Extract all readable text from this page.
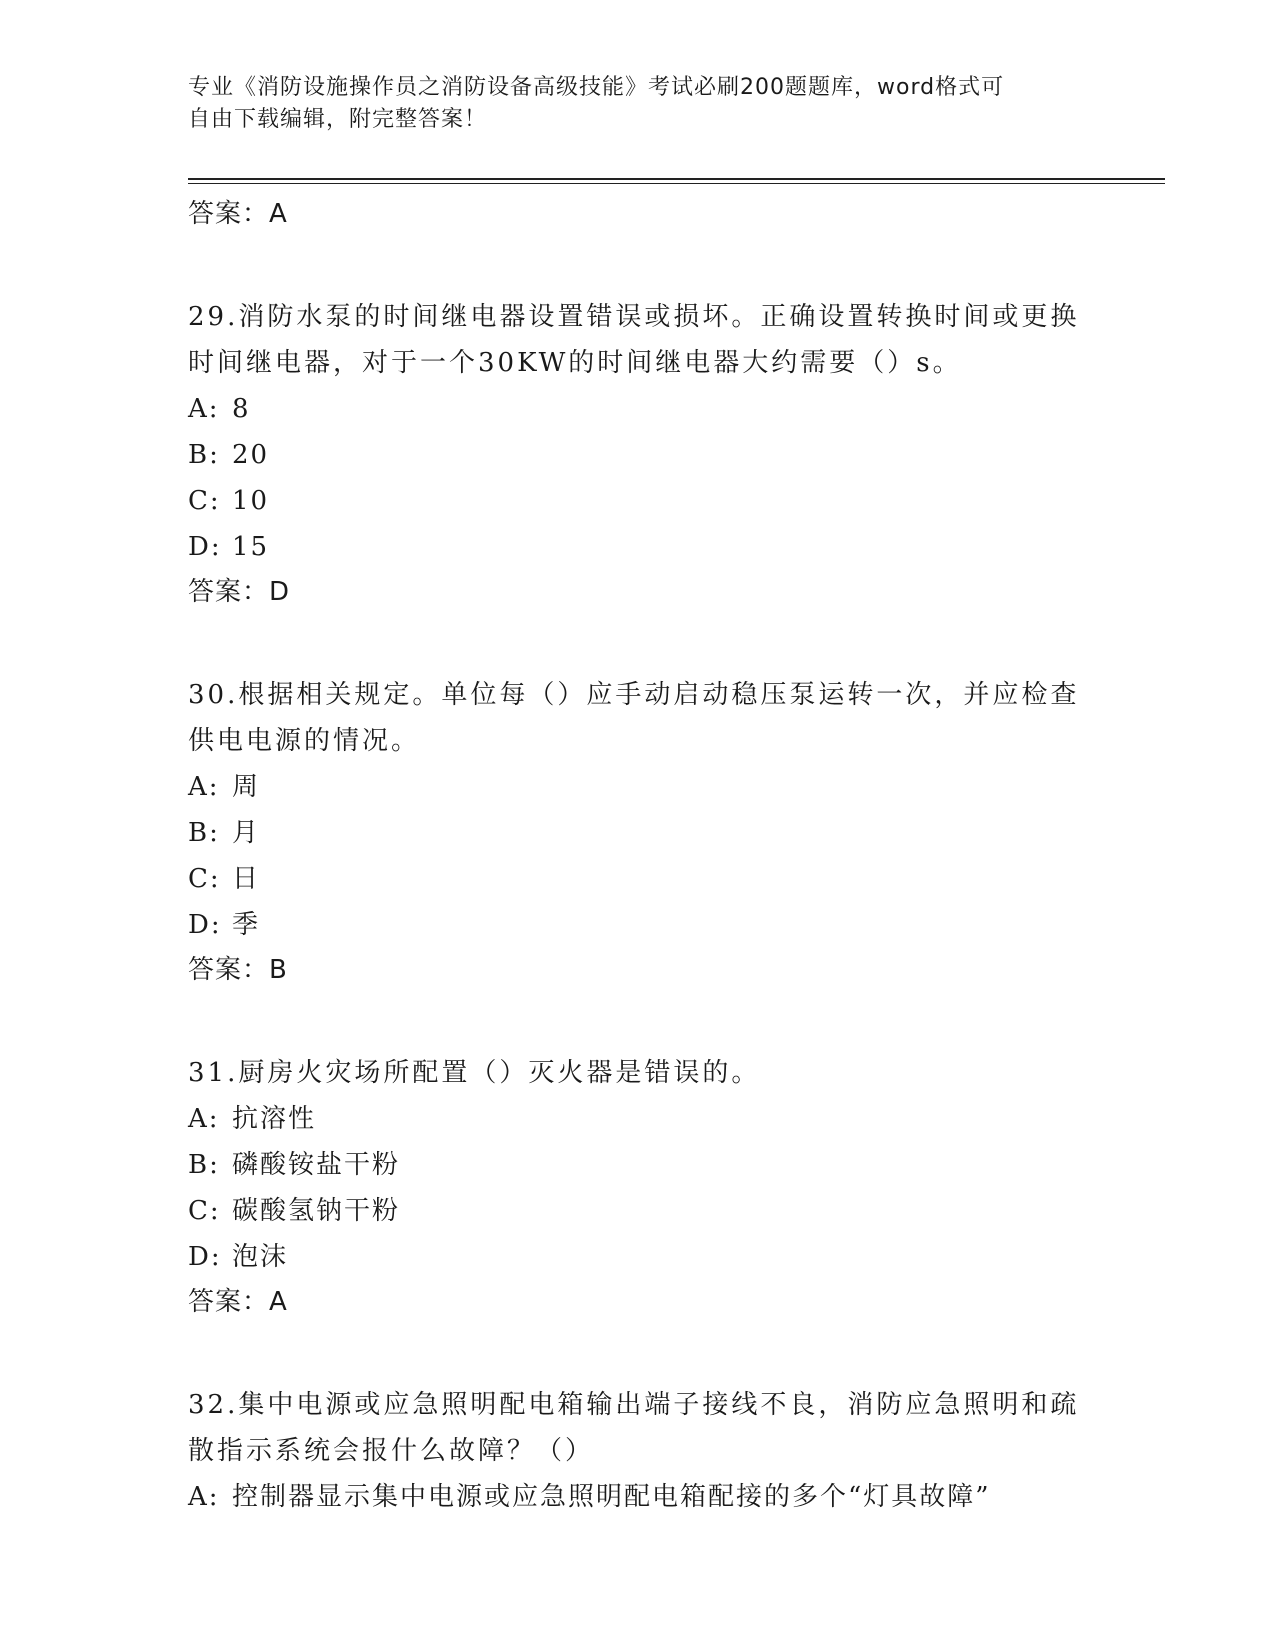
专业《消防设施操作员之消防设备高级技能》考试必刷200题题库，word格式可
自由下载编辑，附完整答案！
答案：A
29.消防水泵的时间继电器设置错误或损坏。正确设置转换时间或更换时间继电器，对于一个30KW的时间继电器大约需要（）s。
A: 8
B: 20
C: 10
D: 15
答案：D
30.根据相关规定。单位每（）应手动启动稳压泵运转一次，并应检查供电电源的情况。
A: 周
B: 月
C: 日
D: 季
答案：B
31.厨房火灾场所配置（）灭火器是错误的。
A: 抗溶性
B: 磷酸铵盐干粉
C: 碳酸氢钠干粉
D: 泡沫
答案：A
32.集中电源或应急照明配电箱输出端子接线不良，消防应急照明和疏散指示系统会报什么故障？（）
A: 控制器显示集中电源或应急照明配电箱配接的多个“灯具故障”
